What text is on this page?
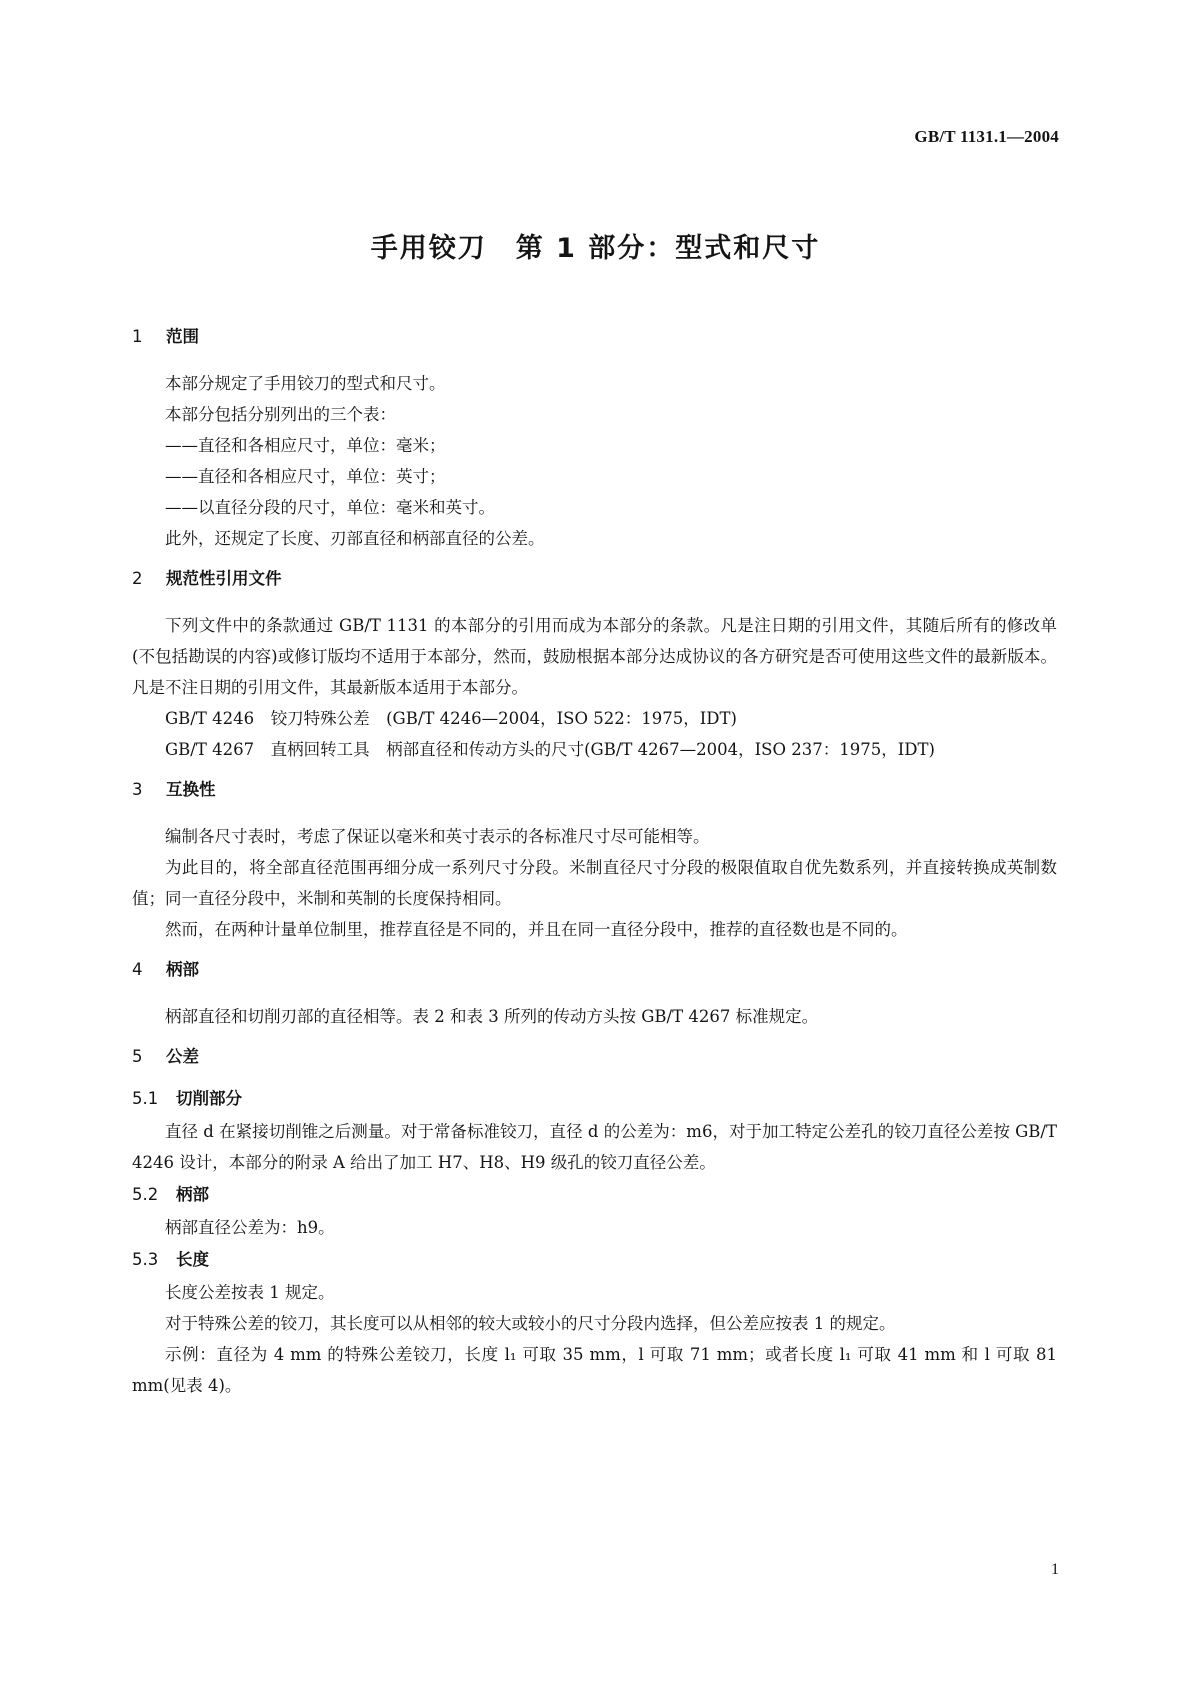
GB/T 1131.1—2004
手用铰刀　第 1 部分：型式和尺寸
1 范围

本部分规定了手用铰刀的型式和尺寸。

本部分包括分别列出的三个表：

——直径和各相应尺寸，单位：毫米；

——直径和各相应尺寸，单位：英寸；

——以直径分段的尺寸，单位：毫米和英寸。

此外，还规定了长度、刃部直径和柄部直径的公差。

2 规范性引用文件

下列文件中的条款通过 GB/T 1131 的本部分的引用而成为本部分的条款。凡是注日期的引用文件，其随后所有的修改单(不包括勘误的内容)或修订版均不适用于本部分，然而，鼓励根据本部分达成协议的各方研究是否可使用这些文件的最新版本。凡是不注日期的引用文件，其最新版本适用于本部分。

GB/T 4246　铰刀特殊公差　(GB/T 4246—2004，ISO 522：1975，IDT)

GB/T 4267　直柄回转工具　柄部直径和传动方头的尺寸(GB/T 4267—2004，ISO 237：1975，IDT)

3 互换性

编制各尺寸表时，考虑了保证以毫米和英寸表示的各标准尺寸尽可能相等。

为此目的，将全部直径范围再细分成一系列尺寸分段。米制直径尺寸分段的极限值取自优先数系列，并直接转换成英制数值；同一直径分段中，米制和英制的长度保持相同。

然而，在两种计量单位制里，推荐直径是不同的，并且在同一直径分段中，推荐的直径数也是不同的。

4 柄部

柄部直径和切削刃部的直径相等。表 2 和表 3 所列的传动方头按 GB/T 4267 标准规定。

5 公差
5.1 切削部分

直径 d 在紧接切削锥之后测量。对于常备标准铰刀，直径 d 的公差为：m6，对于加工特定公差孔的铰刀直径公差按 GB/T 4246 设计，本部分的附录 A 给出了加工 H7、H8、H9 级孔的铰刀直径公差。

5.2 柄部

柄部直径公差为：h9。

5.3 长度

长度公差按表 1 规定。

对于特殊公差的铰刀，其长度可以从相邻的较大或较小的尺寸分段内选择，但公差应按表 1 的规定。

示例：直径为 4 mm 的特殊公差铰刀，长度 l₁ 可取 35 mm，l 可取 71 mm；或者长度 l₁ 可取 41 mm 和 l 可取 81 mm(见表 4)。

1
